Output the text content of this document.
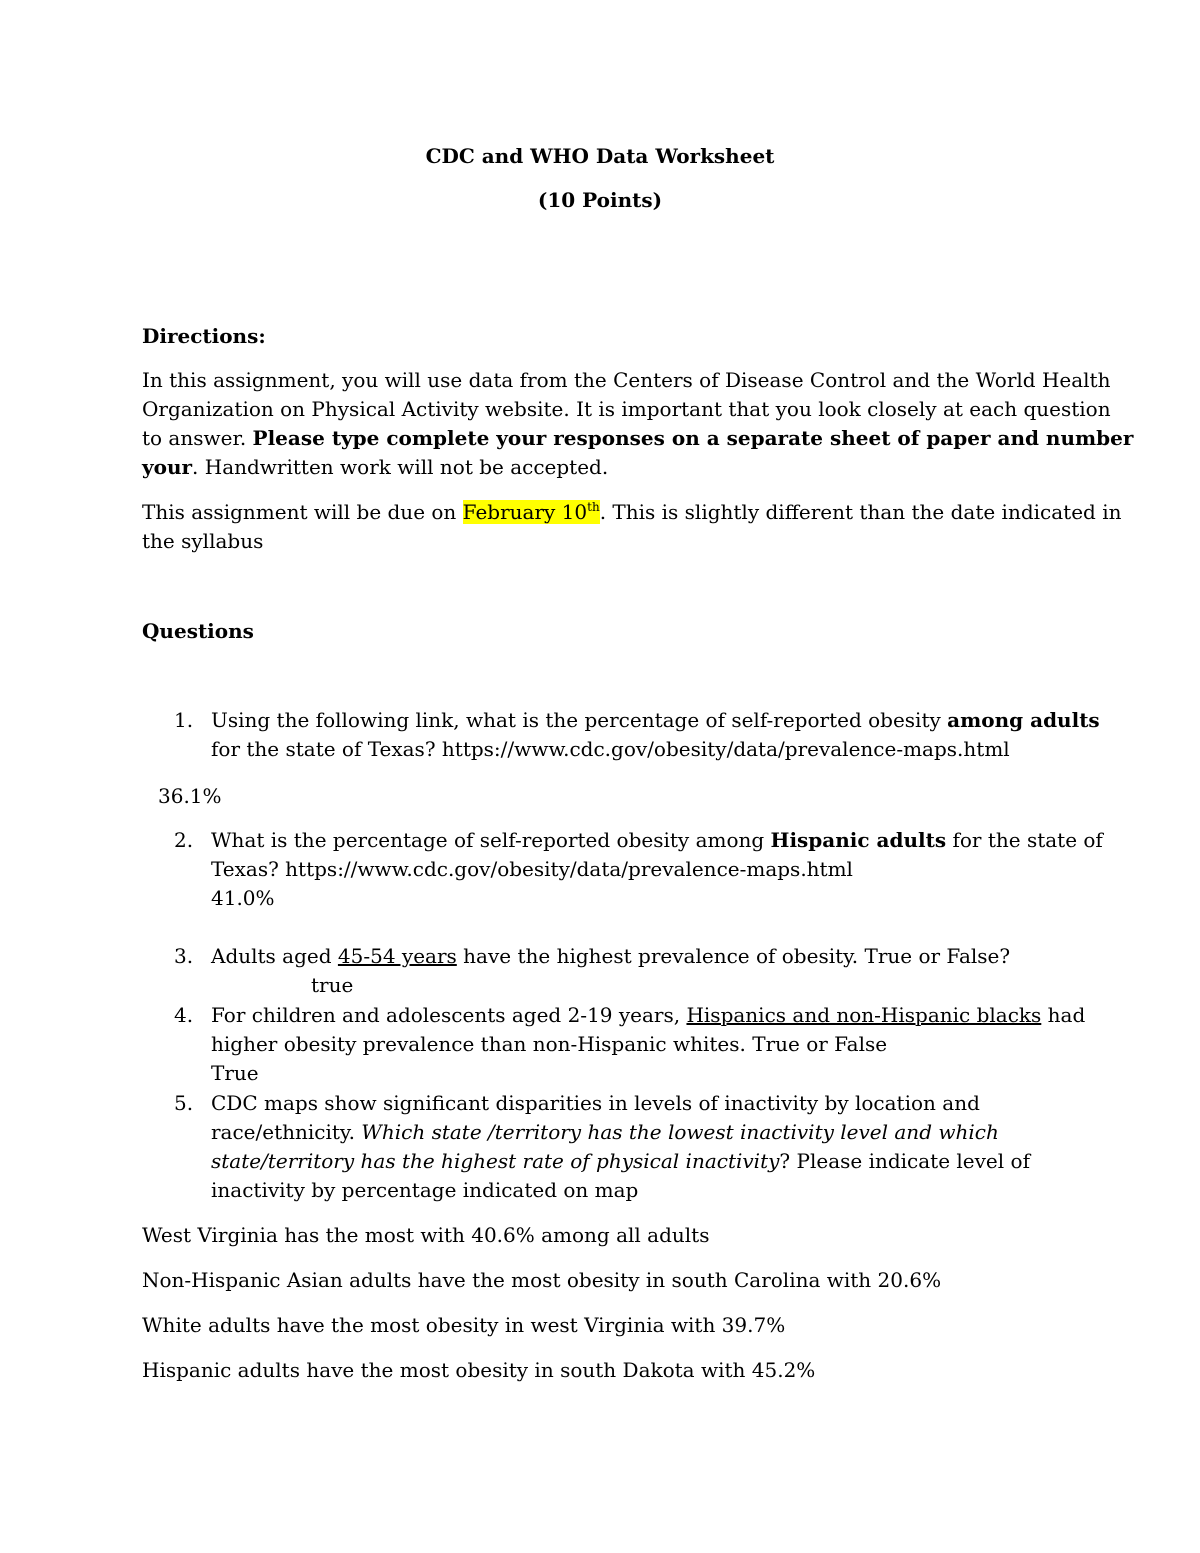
CDC and WHO Data Worksheet
(10 Points)
Directions:
In this assignment, you will use data from the Centers of Disease Control and the World Health
Organization on Physical Activity website. It is important that you look closely at each question
to answer. Please type complete your responses on a separate sheet of paper and number
your. Handwritten work will not be accepted.
This assignment will be due on February 10th. This is slightly different than the date indicated in
the syllabus
Questions
1. Using the following link, what is the percentage of self-reported obesity among adults
for the state of Texas? https://www.cdc.gov/obesity/data/prevalence-maps.html
36.1%
2. What is the percentage of self-reported obesity among Hispanic adults for the state of
Texas? https://www.cdc.gov/obesity/data/prevalence-maps.html
41.0%
3. Adults aged 45-54 years have the highest prevalence of obesity. True or False?
true
4. For children and adolescents aged 2-19 years, Hispanics and non-Hispanic blacks had
higher obesity prevalence than non-Hispanic whites. True or False
True
5. CDC maps show significant disparities in levels of inactivity by location and
race/ethnicity. Which state /territory has the lowest inactivity level and which
state/territory has the highest rate of physical inactivity? Please indicate level of
inactivity by percentage indicated on map
West Virginia has the most with 40.6% among all adults
Non-Hispanic Asian adults have the most obesity in south Carolina with 20.6%
White adults have the most obesity in west Virginia with 39.7%
Hispanic adults have the most obesity in south Dakota with 45.2%
